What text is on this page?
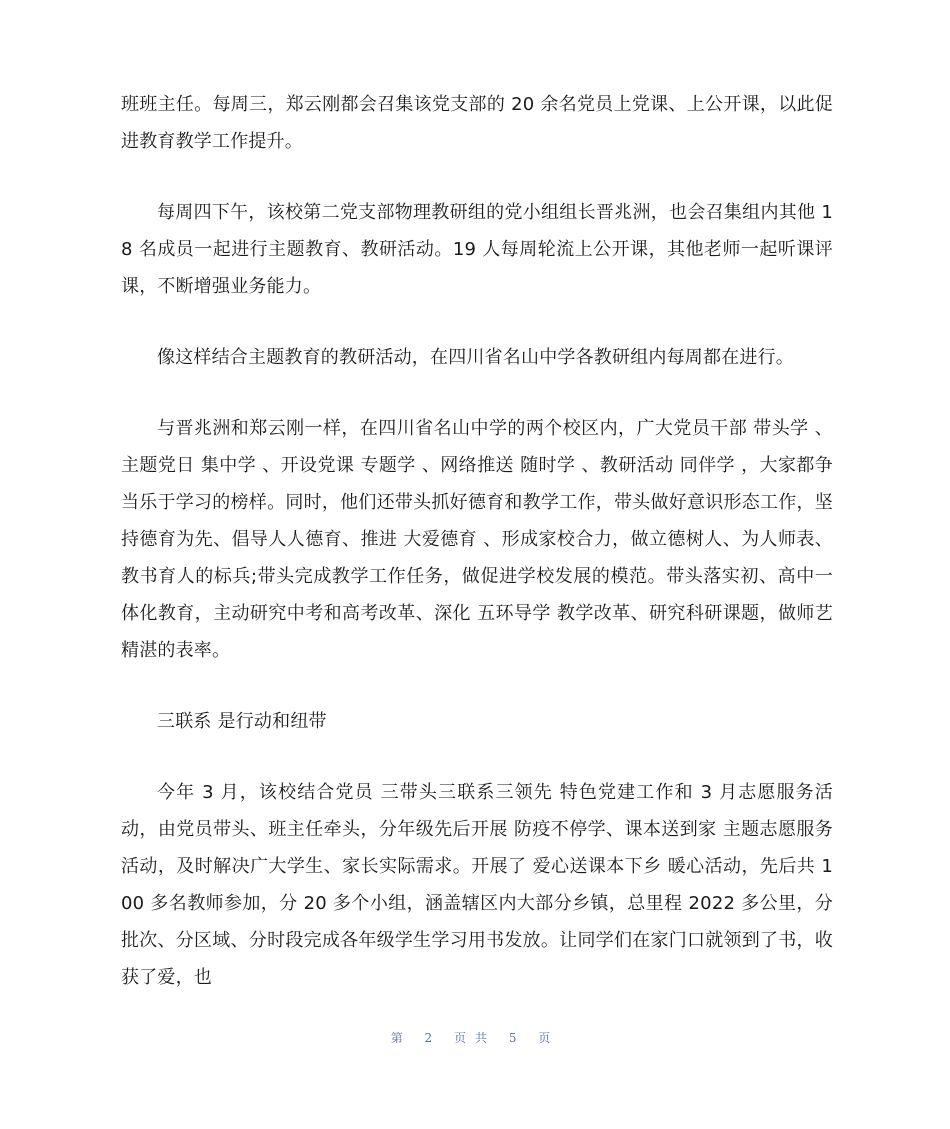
班班主任。每周三，郑云刚都会召集该党支部的 20 余名党员上党课、上公开课，以此促进教育教学工作提升。

每周四下午，该校第二党支部物理教研组的党小组组长晋兆洲，也会召集组内其他 18 名成员一起进行主题教育、教研活动。19 人每周轮流上公开课，其他老师一起听课评课，不断增强业务能力。

像这样结合主题教育的教研活动，在四川省名山中学各教研组内每周都在进行。

与晋兆洲和郑云刚一样，在四川省名山中学的两个校区内，广大党员干部 带头学 、主题党日 集中学 、开设党课 专题学 、网络推送 随时学 、教研活动 同伴学 ，大家都争当乐于学习的榜样。同时，他们还带头抓好德育和教学工作，带头做好意识形态工作，坚持德育为先、倡导人人德育、推进 大爱德育 、形成家校合力，做立德树人、为人师表、教书育人的标兵;带头完成教学工作任务，做促进学校发展的模范。带头落实初、高中一体化教育，主动研究中考和高考改革、深化 五环导学 教学改革、研究科研课题，做师艺精湛的表率。

三联系 是行动和纽带

今年 3 月，该校结合党员 三带头三联系三领先 特色党建工作和 3 月志愿服务活动，由党员带头、班主任牵头，分年级先后开展 防疫不停学、课本送到家 主题志愿服务活动，及时解决广大学生、家长实际需求。开展了 爱心送课本下乡 暖心活动，先后共 100 多名教师参加，分 20 多个小组，涵盖辖区内大部分乡镇，总里程 2022 多公里，分批次、分区域、分时段完成各年级学生学习用书发放。让同学们在家门口就领到了书，收获了爱，也

第 2 页共 5 页
